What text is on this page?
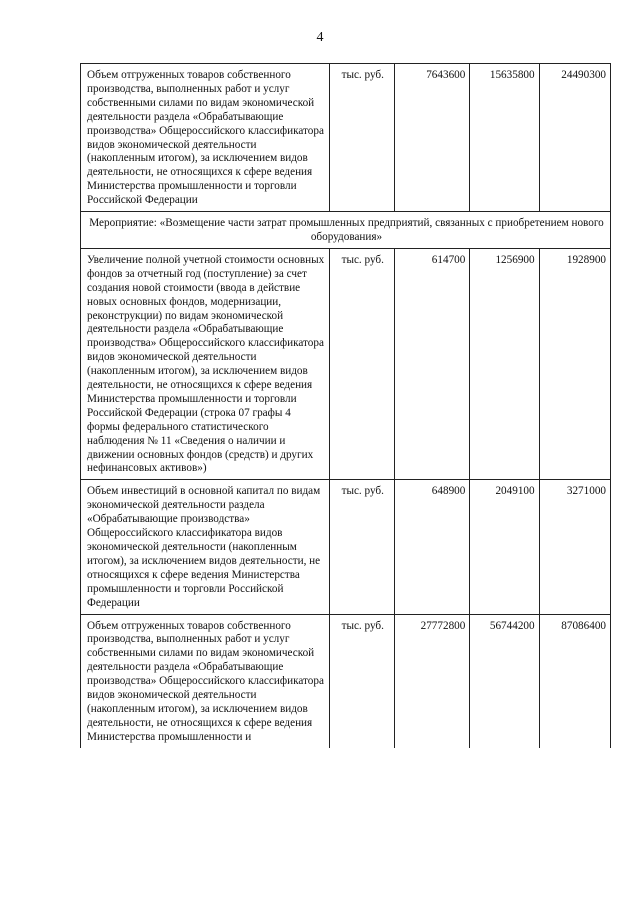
4
Объем отгруженных товаров собственного производства, выполненных работ и услуг собственными силами по видам экономической деятельности раздела «Обрабатывающие производства» Общероссийского классификатора видов экономической деятельности (накопленным итогом), за исключением видов деятельности, не относящихся к сфере ведения Министерства промышленности и торговли Российской Федерации	тыс. руб.	7643600	15635800	24490300
Мероприятие: «Возмещение части затрат промышленных предприятий, связанных с приобретением нового оборудования»				
Увеличение полной учетной стоимости основных фондов за отчетный год (поступление) за счет создания новой стоимости (ввода в действие новых основных фондов, модернизации, реконструкции) по видам экономической деятельности раздела «Обрабатывающие производства» Общероссийского классификатора видов экономической деятельности (накопленным итогом), за исключением видов деятельности, не относящихся к сфере ведения Министерства промышленности и торговли Российской Федерации (строка 07 графы 4 формы федерального статистического наблюдения № 11 «Сведения о наличии и движении основных фондов (средств) и других нефинансовых активов»)	тыс. руб.	614700	1256900	1928900
Объем инвестиций в основной капитал по видам экономической деятельности раздела «Обрабатывающие производства» Общероссийского классификатора видов экономической деятельности (накопленным итогом), за исключением видов деятельности, не относящихся к сфере ведения Министерства промышленности и торговли Российской Федерации	тыс. руб.	648900	2049100	3271000
Объем отгруженных товаров собственного производства, выполненных работ и услуг собственными силами по видам экономической деятельности раздела «Обрабатывающие производства» Общероссийского классификатора видов экономической деятельности (накопленным итогом), за исключением видов деятельности, не относящихся к сфере ведения Министерства промышленности и	тыс. руб.	27772800	56744200	87086400
